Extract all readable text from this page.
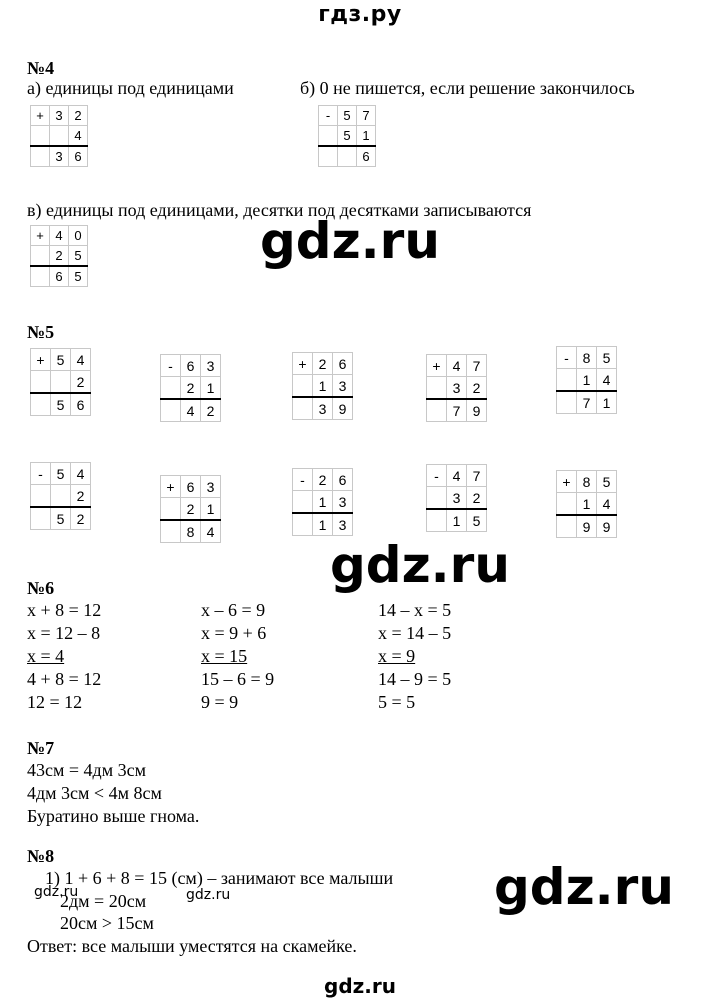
гдз.ру
№4
а) единицы под единицами	б) 0 не пишется, если решение закончилось
+	3	2
		4
	3	6
-	5	7
	5	1
		6
в) единицы под единицами, десятки под десятками записываются
+	4	0
	2	5
	6	5
gdz.ru
№5
+	5	4
		2
	5	6
-	6	3
	2	1
	4	2
+	2	6
	1	3
	3	9
+	4	7
	3	2
	7	9
-	8	5
	1	4
	7	1
-	5	4
		2
	5	2
+	6	3
	2	1
	8	4
-	2	6
	1	3
	1	3
-	4	7
	3	2
	1	5
+	8	5
	1	4
	9	9
gdz.ru
№6
x + 8 = 12
x = 12 – 8
x = 4
4 + 8 = 12
12 = 12
x – 6 = 9
x = 9 + 6
x = 15
15 – 6 = 9
9 = 9
14 – x = 5
x = 14 – 5
x = 9
14 – 9 = 5
5 = 5
№7
43см = 4дм 3см
4дм 3см < 4м 8см
Буратино выше гнома.
№8
1) 1 + 6 + 8 = 15 (см) – занимают все малыши
2дм = 20см
gdz.ru	gdz.ru
20см > 15см
Ответ: все малыши уместятся на скамейке.
gdz.ru
gdz.ru
